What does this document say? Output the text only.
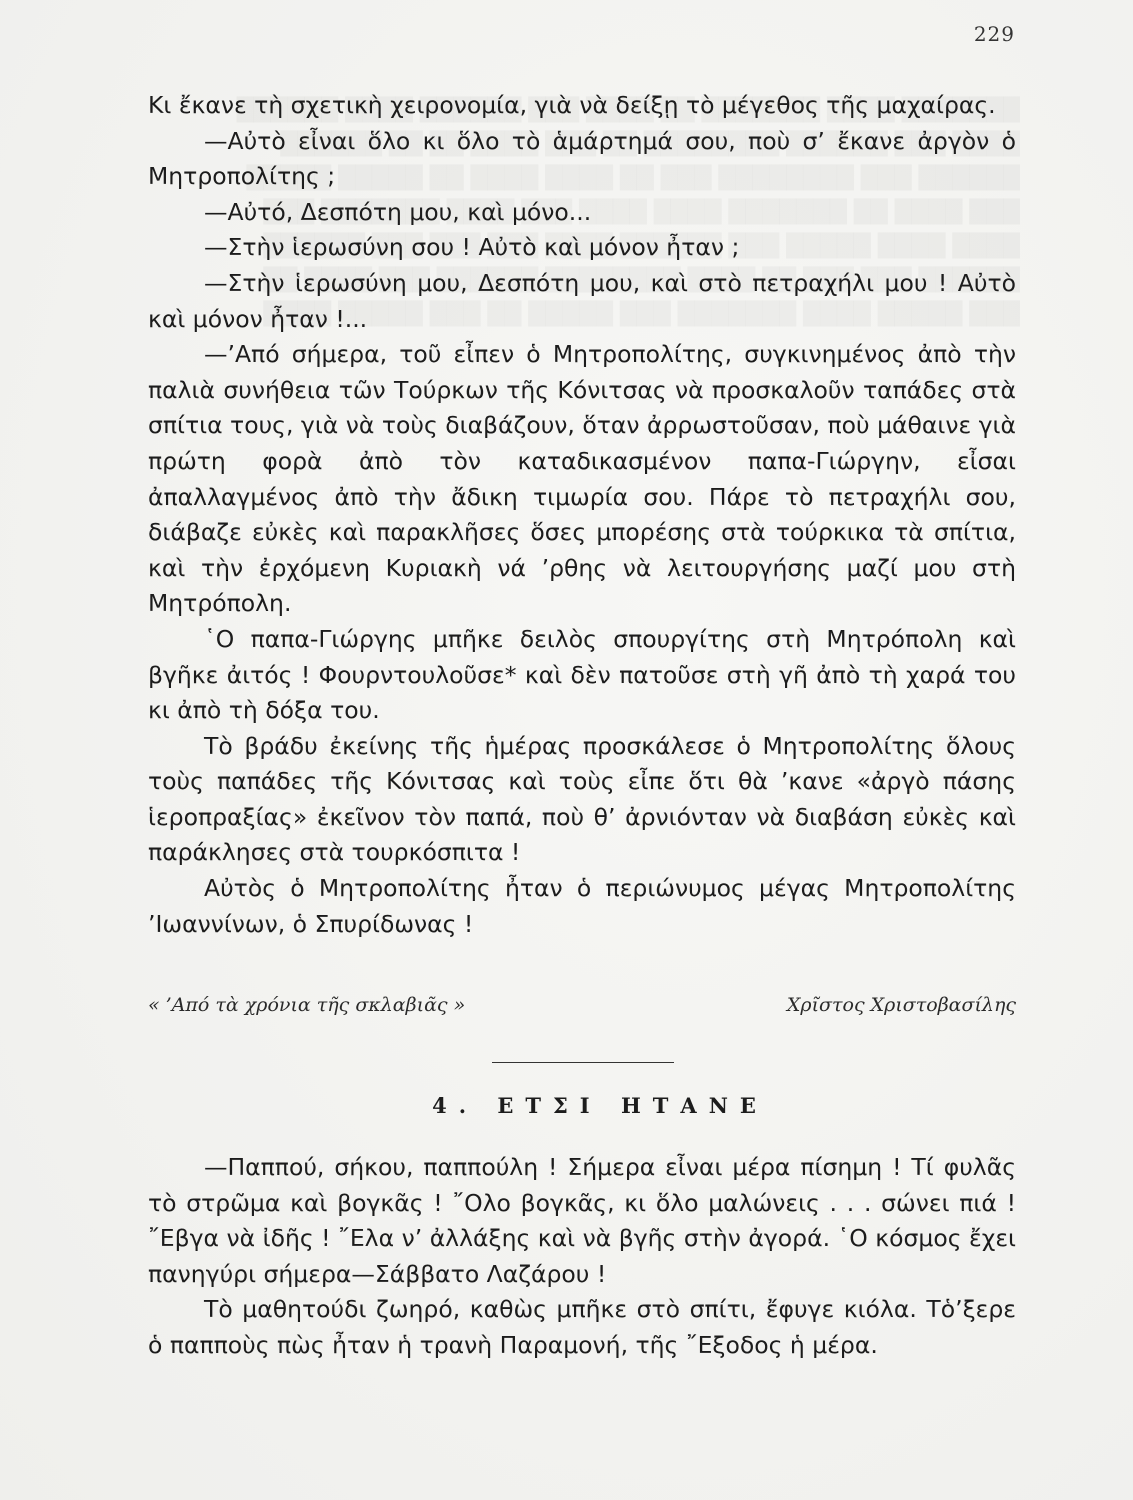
229

Κι ἔκανε τὴ σχετικὴ χειρονομία, γιὰ νὰ δείξῃ τὸ μέγεθος τῆς μαχαίρας.

—Αὐτὸ εἶναι ὅλο κι ὅλο τὸ ἁμάρτημά σου, ποὺ σ’ ἔκανε ἀργὸν ὁ Μητροπολίτης ;

—Αὐτό, Δεσπότη μου, καὶ μόνο...

—Στὴν ἱερωσύνη σου ! Αὐτὸ καὶ μόνον ἦταν ;

—Στὴν ἱερωσύνη μου, Δεσπότη μου, καὶ στὸ πετραχήλι μου ! Αὐτὸ καὶ μόνον ἦταν !...

—’Από σήμερα, τοῦ εἶπεν ὁ Μητροπολίτης, συγκινημένος ἀπὸ τὴν παλιὰ συνήθεια τῶν Τούρκων τῆς Κόνιτσας νὰ προσκαλοῦν ταπάδες στὰ σπίτια τους, γιὰ νὰ τοὺς διαβάζουν, ὅταν ἀρρωστοῦσαν, ποὺ μάθαινε γιὰ πρώτη φορὰ ἀπὸ τὸν καταδικασμένον παπα-Γιώργην, εἶσαι ἀπαλλαγμένος ἀπὸ τὴν ἄδικη τιμωρία σου. Πάρε τὸ πετραχήλι σου, διάβαζε εὐκὲς καὶ παρακλῆσες ὅσες μπορέσης στὰ τούρκικα τὰ σπίτια, καὶ τὴν ἐρχόμενη Κυριακὴ νά ’ρθης νὰ λειτουργήσης μαζί μου στὴ Μητρόπολη.

῾Ο παπα-Γιώργης μπῆκε δειλὸς σπουργίτης στὴ Μητρόπολη καὶ βγῆκε ἀιτός ! Φουρντουλοῦσε* καὶ δὲν πατοῦσε στὴ γῆ ἀπὸ τὴ χαρά του κι ἀπὸ τὴ δόξα του.

Τὸ βράδυ ἐκείνης τῆς ἡμέρας προσκάλεσε ὁ Μητροπολίτης ὅλους τοὺς παπάδες τῆς Κόνιτσας καὶ τοὺς εἶπε ὅτι θὰ ’κανε «ἀργὸ πάσης ἱεροπραξίας» ἐκεῖνον τὸν παπά, ποὺ θ’ ἀρνιόνταν νὰ διαβάση εὐκὲς καὶ παράκλησες στὰ τουρκόσπιτα !

Αὐτὸς ὁ Μητροπολίτης ἦταν ὁ περιώνυμος μέγας Μητροπολίτης ’Ιωαννίνων, ὁ Σπυρίδωνας !

« ’Από τὰ χρόνια τῆς σκλαβιᾶς »	Χρῖστος Χριστοβασίλης
4. ΕΤΣΙ ΗΤΑΝΕ

—Παππού, σήκου, παππούλη ! Σήμερα εἶναι μέρα πίσημη ! Τί φυλᾶς τὸ στρῶμα καὶ βογκᾶς ! ῎Ολο βογκᾶς, κι ὅλο μαλώνεις . . . σώνει πιά ! ῎Εβγα νὰ ἰδῆς ! ῎Ελα ν’ ἀλλάξης καὶ νὰ βγῆς στὴν ἀγορά. ῾Ο κόσμος ἔχει πανηγύρι σήμερα—Σάββατο Λαζάρου !

Τὸ μαθητούδι ζωηρό, καθὼς μπῆκε στὸ σπίτι, ἔφυγε κιόλα. Τὁ’ξερε ὁ παπποὺς πὼς ἦταν ἡ τρανὴ Παραμονή, τῆς ῎Εξοδος ἡ μέρα.
